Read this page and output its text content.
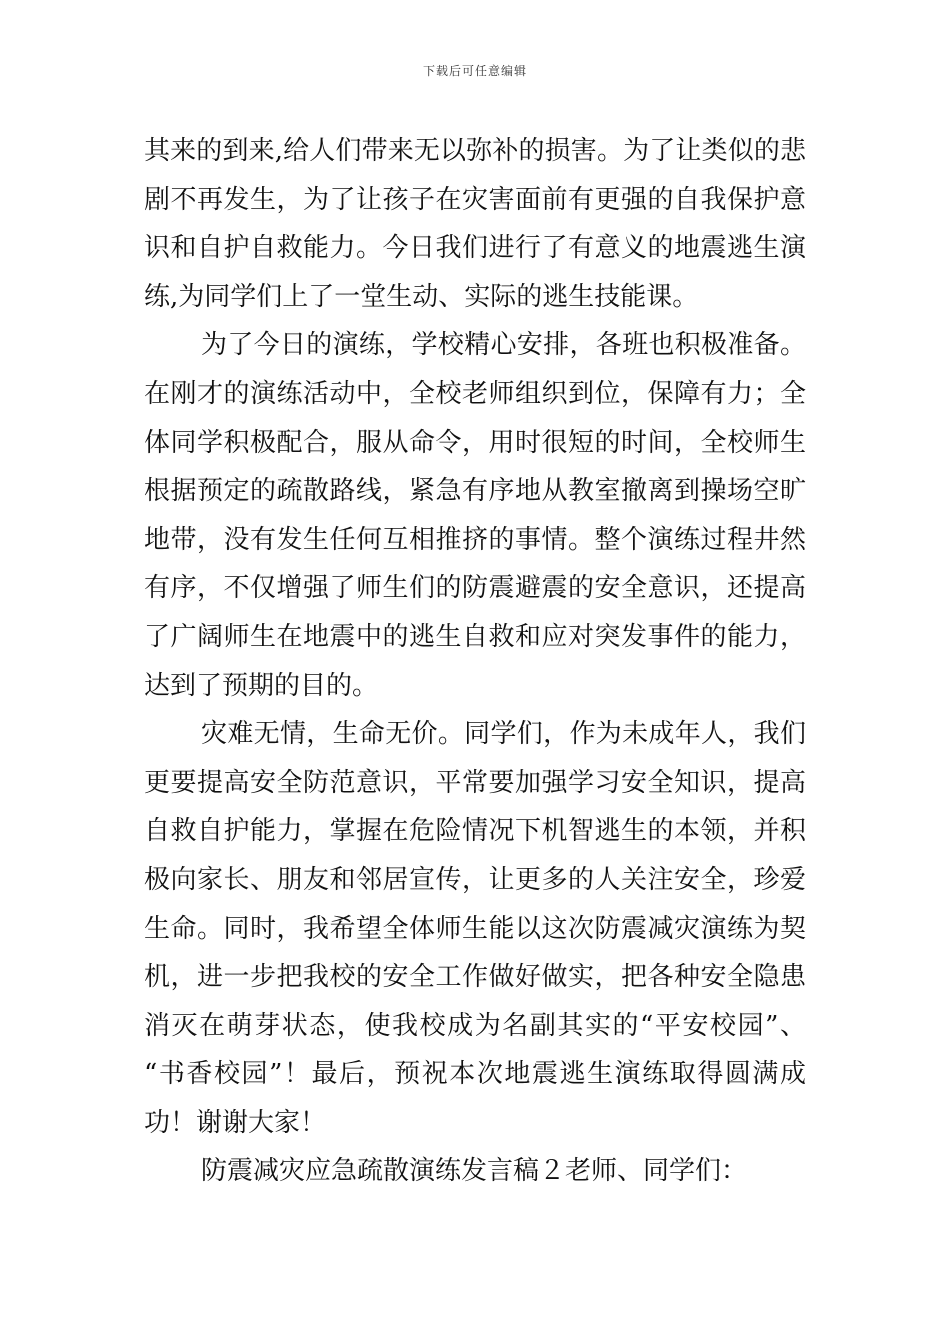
下载后可任意编辑
其来的到来,给人们带来无以弥补的损害。为了让类似的悲
剧不再发生，为了让孩子在灾害面前有更强的自我保护意
识和自护自救能力。今日我们进行了有意义的地震逃生演
练,为同学们上了一堂生动、实际的逃生技能课。
为了今日的演练，学校精心安排，各班也积极准备。
在刚才的演练活动中，全校老师组织到位，保障有力；全
体同学积极配合，服从命令，用时很短的时间，全校师生
根据预定的疏散路线，紧急有序地从教室撤离到操场空旷
地带，没有发生任何互相推挤的事情。整个演练过程井然
有序，不仅增强了师生们的防震避震的安全意识，还提高
了广阔师生在地震中的逃生自救和应对突发事件的能力，
达到了预期的目的。
灾难无情，生命无价。同学们，作为未成年人，我们
更要提高安全防范意识，平常要加强学习安全知识，提高
自救自护能力，掌握在危险情况下机智逃生的本领，并积
极向家长、朋友和邻居宣传，让更多的人关注安全，珍爱
生命。同时，我希望全体师生能以这次防震减灾演练为契
机，进一步把我校的安全工作做好做实，把各种安全隐患
消灭在萌芽状态，使我校成为名副其实的“平安校园”、
“书香校园”！最后，预祝本次地震逃生演练取得圆满成
功！谢谢大家！
防震减灾应急疏散演练发言稿２老师、同学们：
